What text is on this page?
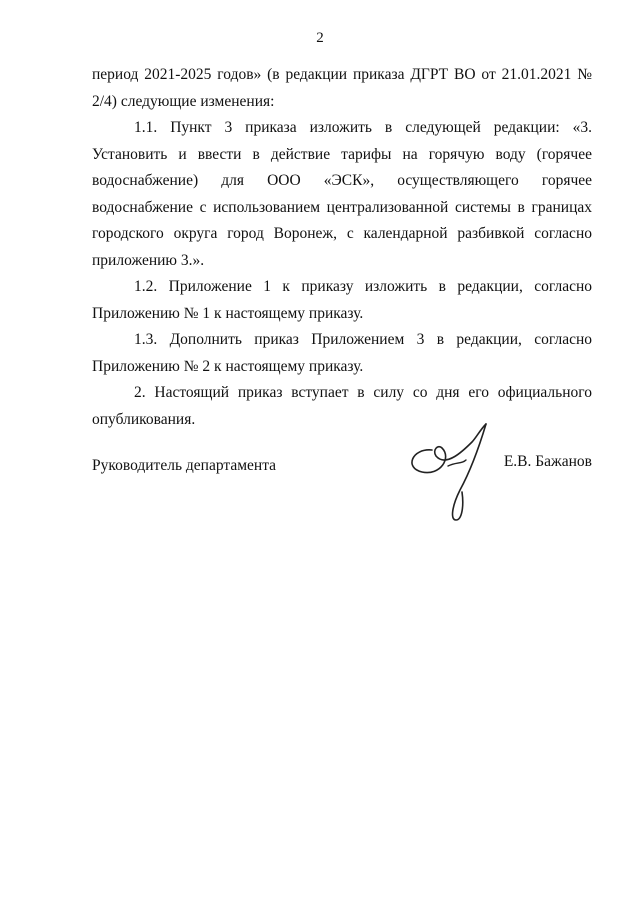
2

период 2021-2025 годов» (в редакции приказа ДГРТ ВО от 21.01.2021 № 2/4) следующие изменения:

1.1. Пункт 3 приказа изложить в следующей редакции: «3. Установить и ввести в действие тарифы на горячую воду (горячее водоснабжение) для ООО «ЭСК», осуществляющего горячее водоснабжение с использованием централизованной системы в границах городского округа город Воронеж, с календарной разбивкой согласно приложению 3.».

1.2. Приложение 1 к приказу изложить в редакции, согласно Приложению № 1 к настоящему приказу.

1.3. Дополнить приказ Приложением 3 в редакции, согласно Приложению № 2 к настоящему приказу.

2. Настоящий приказ вступает в силу со дня его официального опубликования.

Руководитель департамента	Е.В. Бажанов
